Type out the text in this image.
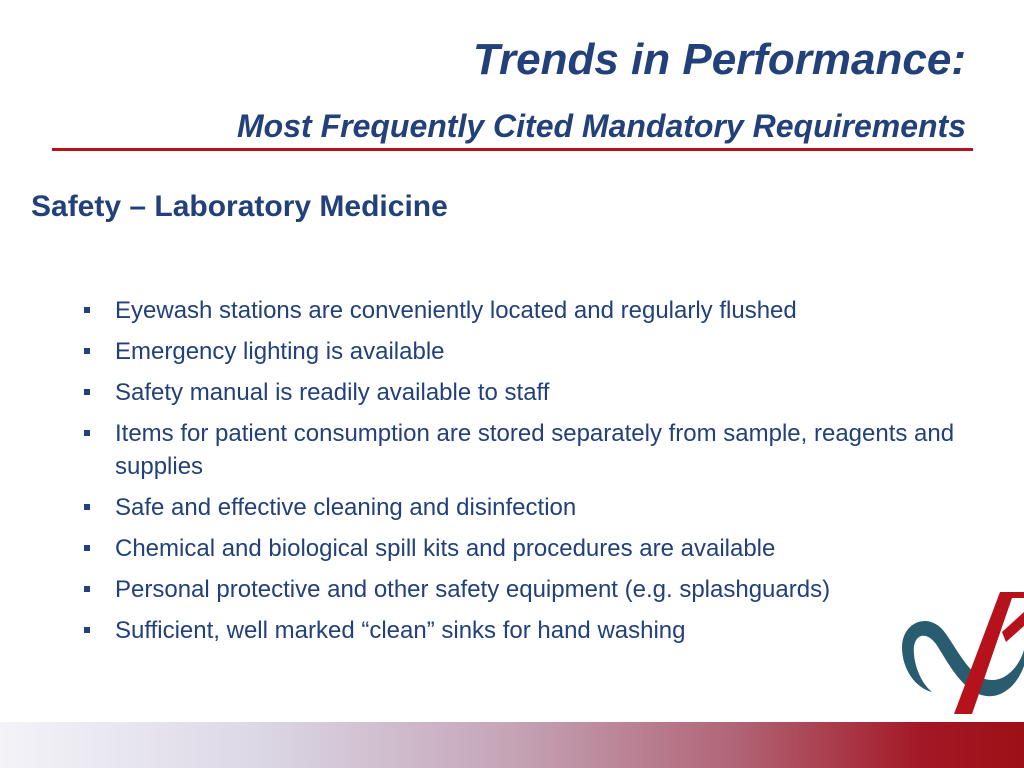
Trends in Performance:
Most Frequently Cited Mandatory Requirements
Safety – Laboratory Medicine
Eyewash stations are conveniently located and regularly flushed
Emergency lighting is available
Safety manual is readily available to staff
Items for patient consumption are stored separately from sample, reagents and supplies
Safe and effective cleaning and disinfection
Chemical and biological spill kits and procedures are available
Personal protective and other safety equipment (e.g. splashguards)
Sufficient, well marked “clean” sinks for hand washing
